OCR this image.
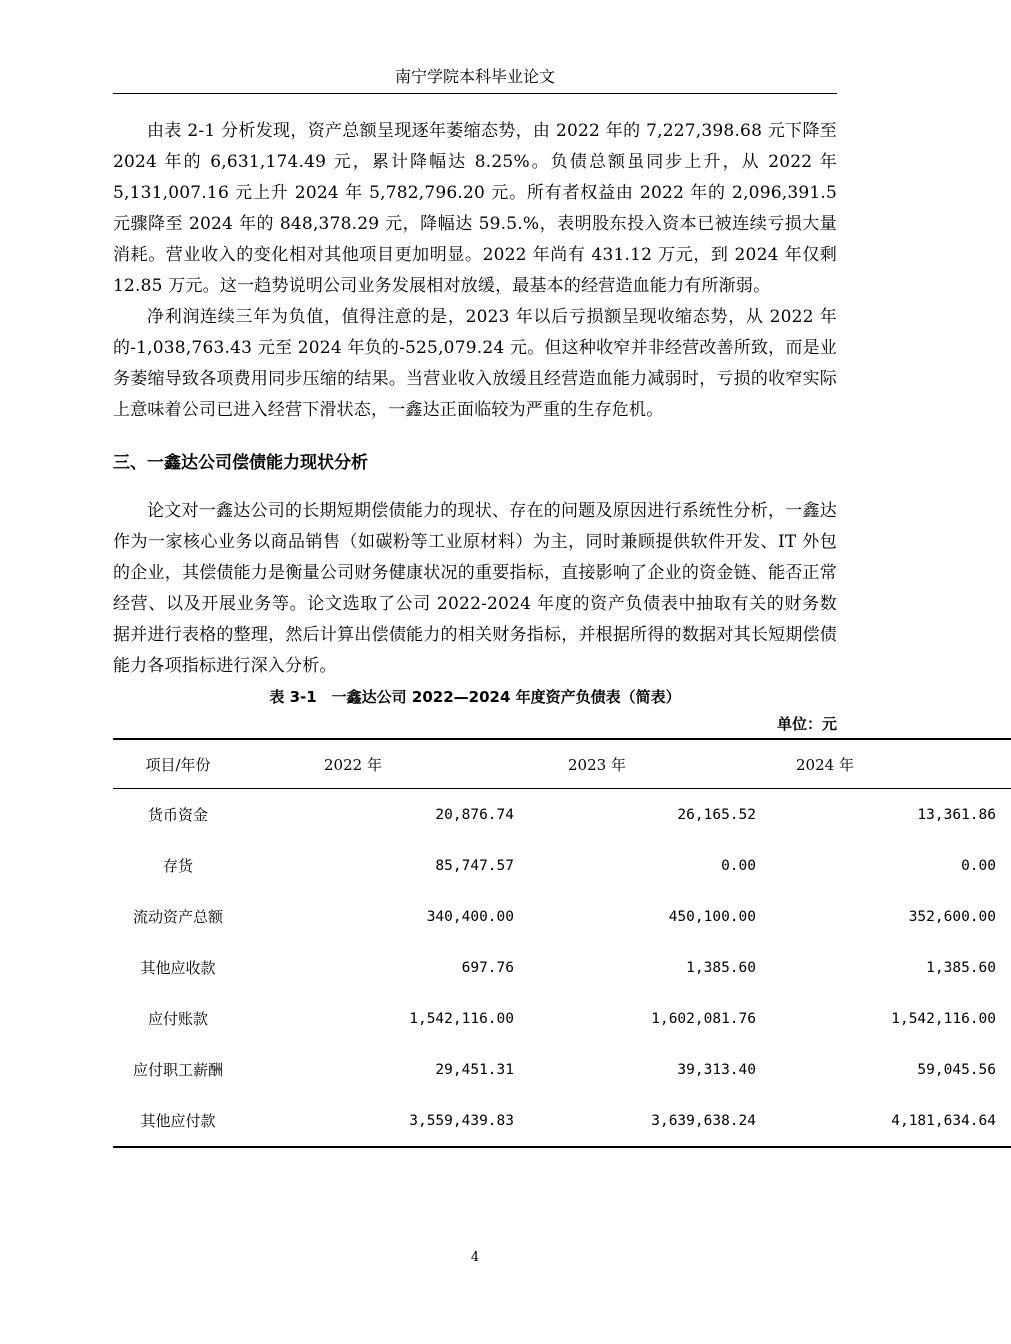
南宁学院本科毕业论文

由表 2-1 分析发现，资产总额呈现逐年萎缩态势，由 2022 年的 7,227,398.68 元下降至 2024 年的 6,631,174.49 元，累计降幅达 8.25%。负债总额虽同步上升，从 2022 年 5,131,007.16 元上升 2024 年 5,782,796.20 元。所有者权益由 2022 年的 2,096,391.5 元骤降至 2024 年的 848,378.29 元，降幅达 59.5.%，表明股东投入资本已被连续亏损大量消耗。营业收入的变化相对其他项目更加明显。2022 年尚有 431.12 万元，到 2024 年仅剩 12.85 万元。这一趋势说明公司业务发展相对放缓，最基本的经营造血能力有所渐弱。

净利润连续三年为负值，值得注意的是，2023 年以后亏损额呈现收缩态势，从 2022 年的-1,038,763.43 元至 2024 年负的-525,079.24 元。但这种收窄并非经营改善所致，而是业务萎缩导致各项费用同步压缩的结果。当营业收入放缓且经营造血能力减弱时，亏损的收窄实际上意味着公司已进入经营下滑状态，一鑫达正面临较为严重的生存危机。

三、一鑫达公司偿债能力现状分析

论文对一鑫达公司的长期短期偿债能力的现状、存在的问题及原因进行系统性分析，一鑫达作为一家核心业务以商品销售（如碳粉等工业原材料）为主，同时兼顾提供软件开发、IT 外包的企业，其偿债能力是衡量公司财务健康状况的重要指标，直接影响了企业的资金链、能否正常经营、以及开展业务等。论文选取了公司 2022-2024 年度的资产负债表中抽取有关的财务数据并进行表格的整理，然后计算出偿债能力的相关财务指标，并根据所得的数据对其长短期偿债能力各项指标进行深入分析。

表 3-1　一鑫达公司 2022—2024 年度资产负债表（简表）
单位：元
项目/年份	2022 年	2023 年	2024 年
货币资金	20,876.74	26,165.52	13,361.86
存货	85,747.57	0.00	0.00
流动资产总额	340,400.00	450,100.00	352,600.00
其他应收款	697.76	1,385.60	1,385.60
应付账款	1,542,116.00	1,602,081.76	1,542,116.00
应付职工薪酬	29,451.31	39,313.40	59,045.56
其他应付款	3,559,439.83	3,639,638.24	4,181,634.64
4
